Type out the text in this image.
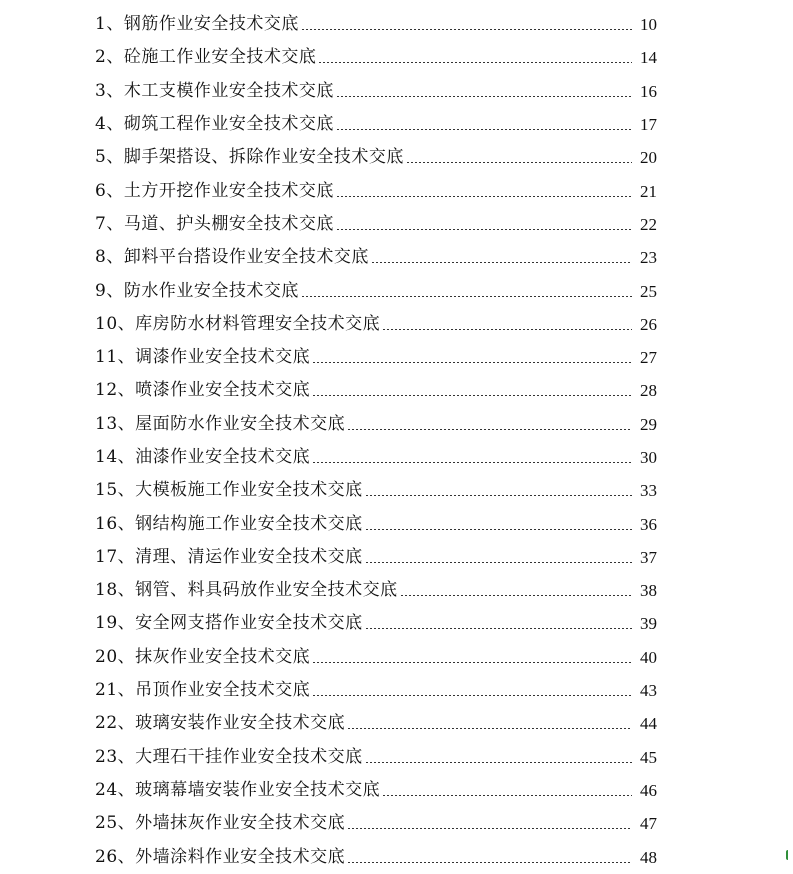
1 、 钢筋作业安全技术交底	10
2 、 砼施工作业安全技术交底	14
3 、 木工支模作业安全技术交底	16
4 、 砌筑工程作业安全技术交底	17
5 、 脚手架搭设、拆除作业安全技术交底	20
6 、 土方开挖作业安全技术交底	21
7 、 马道、护头棚安全技术交底	22
8 、 卸料平台搭设作业安全技术交底	23
9 、 防水作业安全技术交底	25
10 、 库房防水材料管理安全技术交底	26
11 、 调漆作业安全技术交底	27
12 、 喷漆作业安全技术交底	28
13 、 屋面防水作业安全技术交底	29
14 、 油漆作业安全技术交底	30
15 、 大模板施工作业安全技术交底	33
16 、 钢结构施工作业安全技术交底	36
17 、 清理、清运作业安全技术交底	37
18 、 钢管、料具码放作业安全技术交底	38
19 、 安全网支搭作业安全技术交底	39
20 、 抹灰作业安全技术交底	40
21 、 吊顶作业安全技术交底	43
22 、 玻璃安装作业安全技术交底	44
23 、 大理石干挂作业安全技术交底	45
24 、 玻璃幕墙安装作业安全技术交底	46
25 、 外墙抹灰作业安全技术交底	47
26 、 外墙涂料作业安全技术交底	48
